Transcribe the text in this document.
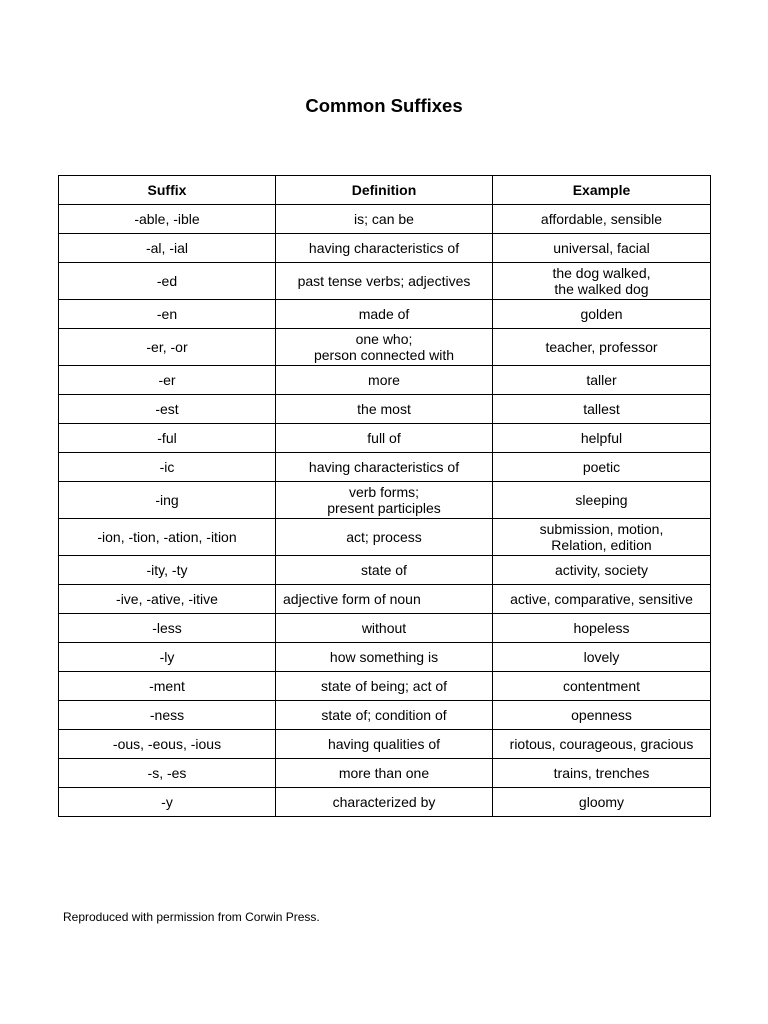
Common Suffixes
Suffix	Definition	Example
-able, -ible	is; can be	affordable, sensible

-al, -ial	having characteristics of	universal, facial

-ed	past tense verbs; adjectives	the dog walked,
the walked dog

-en	made of	golden

-er, -or	one who;
person connected with	teacher, professor

-er	more	taller

-est	the most	tallest

-ful	full of	helpful

-ic	having characteristics of	poetic

-ing	verb forms;
present participles	sleeping

-ion, -tion, -ation, -ition	act; process	submission, motion,
Relation, edition

-ity, -ty	state of	activity, society

-ive, -ative, -itive	adjective form of noun	active, comparative, sensitive

-less	without	hopeless

-ly	how something is	lovely

-ment	state of being; act of	contentment

-ness	state of; condition of	openness

-ous, -eous, -ious	having qualities of	riotous, courageous, gracious

-s, -es	more than one	trains, trenches

-y	characterized by	gloomy

Reproduced with permission from Corwin Press.
